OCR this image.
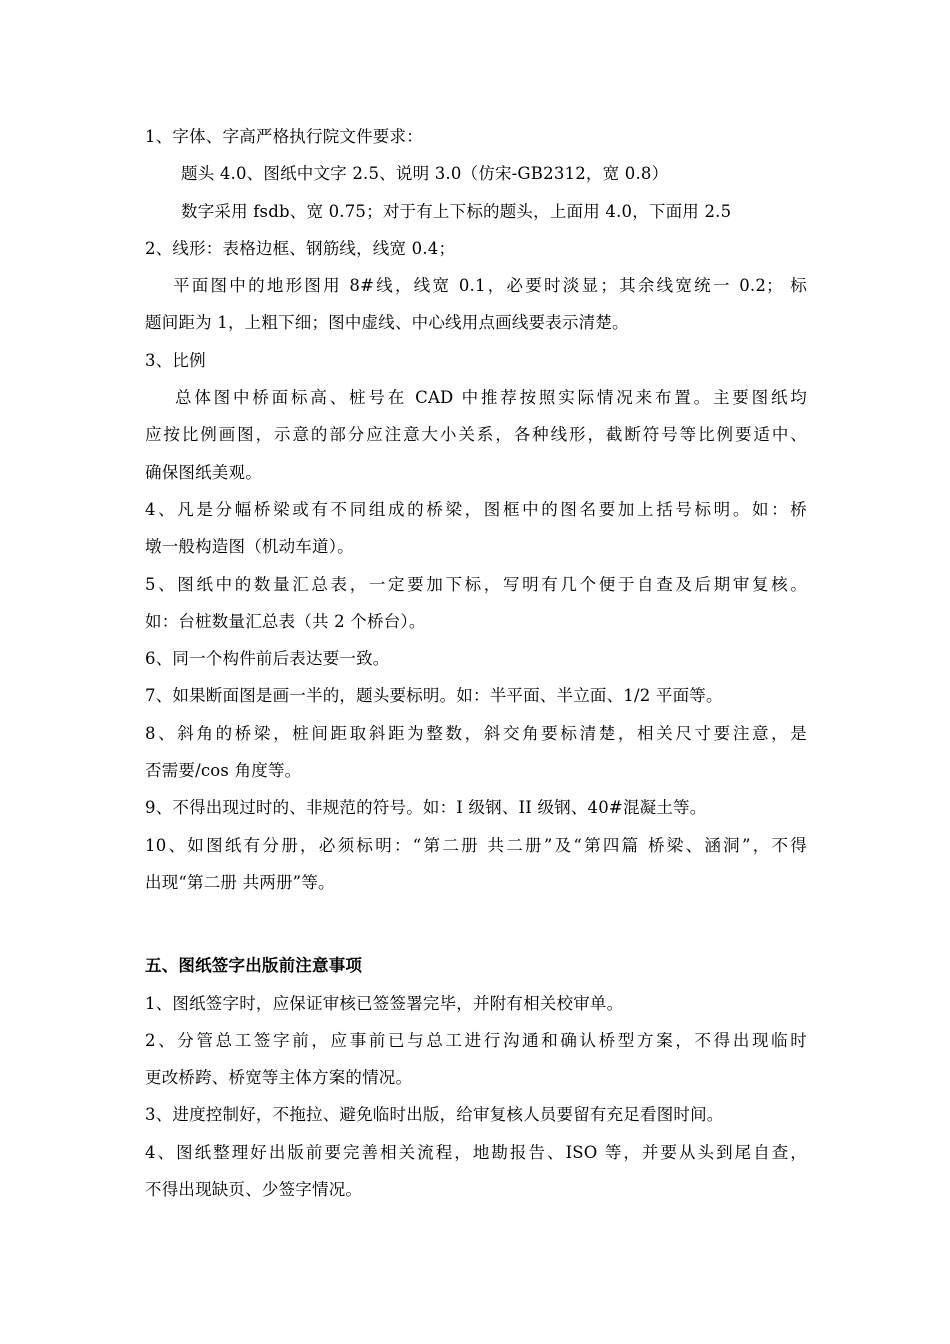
1、字体、字高严格执行院文件要求：
题头 4.0、图纸中文字 2.5、说明 3.0（仿宋-GB2312，宽 0.8）
数字采用 fsdb、宽 0.75；对于有上下标的题头，上面用 4.0，下面用 2.5
2、线形：表格边框、钢筋线，线宽 0.4；
平面图中的地形图用 8#线，线宽 0.1，必要时淡显；其余线宽统一 0.2； 标
题间距为 1，上粗下细；图中虚线、中心线用点画线要表示清楚。
3、比例
总体图中桥面标高、桩号在 CAD 中推荐按照实际情况来布置。主要图纸均
应按比例画图，示意的部分应注意大小关系，各种线形，截断符号等比例要适中、
确保图纸美观。
4、凡是分幅桥梁或有不同组成的桥梁，图框中的图名要加上括号标明。如：桥
墩一般构造图（机动车道）。
5、图纸中的数量汇总表，一定要加下标，写明有几个便于自查及后期审复核。
如：台桩数量汇总表（共 2 个桥台）。
6、同一个构件前后表达要一致。
7、如果断面图是画一半的，题头要标明。如：半平面、半立面、1/2 平面等。
8、斜角的桥梁，桩间距取斜距为整数，斜交角要标清楚，相关尺寸要注意，是
否需要/cos 角度等。
9、不得出现过时的、非规范的符号。如：I 级钢、II 级钢、40#混凝土等。
10、如图纸有分册，必须标明：“第二册 共二册”及“第四篇 桥梁、涵洞”，不得
出现“第二册 共两册”等。
五、图纸签字出版前注意事项
1、图纸签字时，应保证审核已签签署完毕，并附有相关校审单。
2、分管总工签字前，应事前已与总工进行沟通和确认桥型方案，不得出现临时
更改桥跨、桥宽等主体方案的情况。
3、进度控制好，不拖拉、避免临时出版，给审复核人员要留有充足看图时间。
4、图纸整理好出版前要完善相关流程，地勘报告、ISO 等，并要从头到尾自查，
不得出现缺页、少签字情况。
